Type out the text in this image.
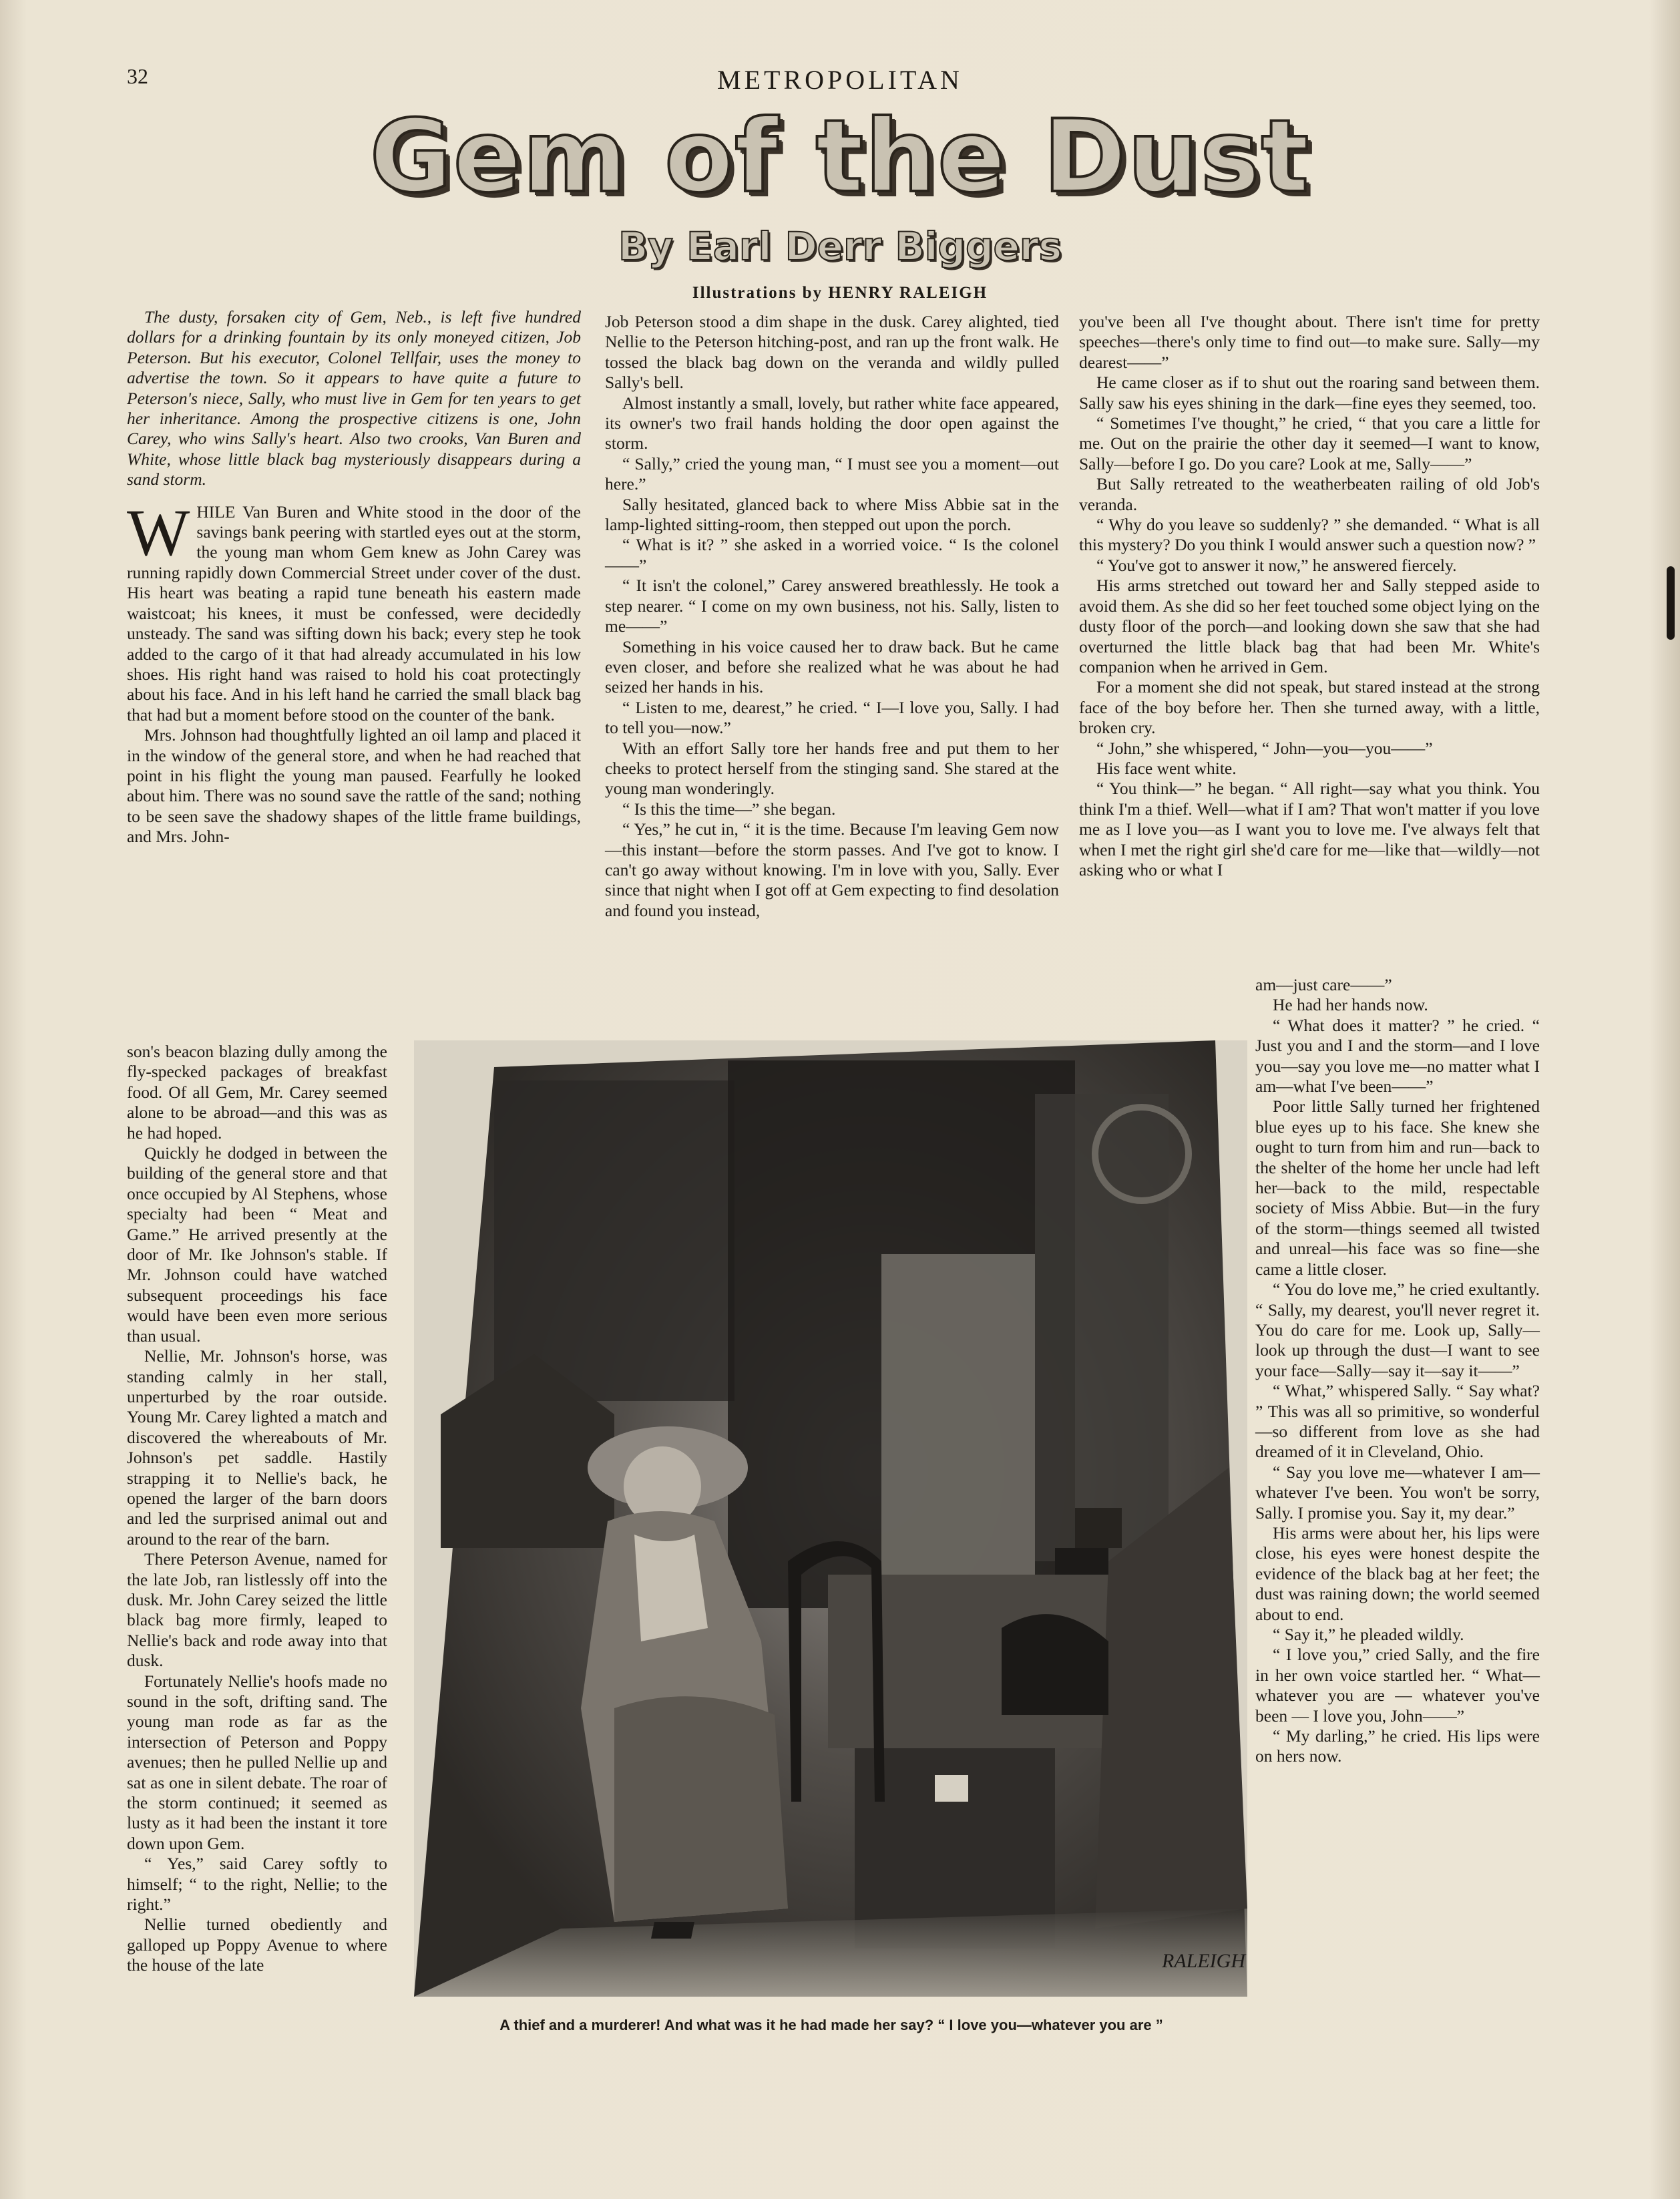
32	METROPOLITAN
Gem of the Dust
By Earl Derr Biggers
Illustrations by HENRY RALEIGH

The dusty, forsaken city of Gem, Neb., is left five hundred dollars for a drinking fountain by its only moneyed citizen, Job Peterson. But his executor, Colonel Tellfair, uses the money to advertise the town. So it appears to have quite a future to Peterson's niece, Sally, who must live in Gem for ten years to get her inheritance. Among the prospective citizens is one, John Carey, who wins Sally's heart. Also two crooks, Van Buren and White, whose little black bag mysteriously disappears during a sand storm.

WHILE Van Buren and White stood in the door of the savings bank peering with startled eyes out at the storm, the young man whom Gem knew as John Carey was running rapidly down Commercial Street under cover of the dust. His heart was beating a rapid tune beneath his eastern made waistcoat; his knees, it must be confessed, were decidedly unsteady. The sand was sifting down his back; every step he took added to the cargo of it that had already accumulated in his low shoes. His right hand was raised to hold his coat protectingly about his face. And in his left hand he carried the small black bag that had but a moment before stood on the counter of the bank.

Mrs. Johnson had thoughtfully lighted an oil lamp and placed it in the window of the general store, and when he had reached that point in his flight the young man paused. Fearfully he looked about him. There was no sound save the rattle of the sand; nothing to be seen save the shadowy shapes of the little frame buildings, and Mrs. John-

son's beacon blazing dully among the fly-specked packages of breakfast food. Of all Gem, Mr. Carey seemed alone to be abroad—and this was as he had hoped.

Quickly he dodged in between the building of the general store and that once occupied by Al Stephens, whose specialty had been “ Meat and Game.” He arrived presently at the door of Mr. Ike Johnson's stable. If Mr. Johnson could have watched subsequent proceedings his face would have been even more serious than usual.

Nellie, Mr. Johnson's horse, was standing calmly in her stall, unperturbed by the roar outside. Young Mr. Carey lighted a match and discovered the whereabouts of Mr. Johnson's pet saddle. Hastily strapping it to Nellie's back, he opened the larger of the barn doors and led the surprised animal out and around to the rear of the barn.

There Peterson Avenue, named for the late Job, ran listlessly off into the dusk. Mr. John Carey seized the little black bag more firmly, leaped to Nellie's back and rode away into that dusk.

Fortunately Nellie's hoofs made no sound in the soft, drifting sand. The young man rode as far as the intersection of Peterson and Poppy avenues; then he pulled Nellie up and sat as one in silent debate. The roar of the storm continued; it seemed as lusty as it had been the instant it tore down upon Gem.

“ Yes,” said Carey softly to himself; “ to the right, Nellie; to the right.”

Nellie turned obediently and galloped up Poppy Avenue to where the house of the late

Job Peterson stood a dim shape in the dusk. Carey alighted, tied Nellie to the Peterson hitching-post, and ran up the front walk. He tossed the black bag down on the veranda and wildly pulled Sally's bell.

Almost instantly a small, lovely, but rather white face appeared, its owner's two frail hands holding the door open against the storm.

“ Sally,” cried the young man, “ I must see you a moment—out here.”

Sally hesitated, glanced back to where Miss Abbie sat in the lamp-lighted sitting-room, then stepped out upon the porch.

“ What is it? ” she asked in a worried voice. “ Is the colonel——”

“ It isn't the colonel,” Carey answered breathlessly. He took a step nearer. “ I come on my own business, not his. Sally, listen to me——”

Something in his voice caused her to draw back. But he came even closer, and before she realized what he was about he had seized her hands in his.

“ Listen to me, dearest,” he cried. “ I—I love you, Sally. I had to tell you—now.”

With an effort Sally tore her hands free and put them to her cheeks to protect herself from the stinging sand. She stared at the young man wonderingly.

“ Is this the time—” she began.

“ Yes,” he cut in, “ it is the time. Because I'm leaving Gem now—this instant—before the storm passes. And I've got to know. I can't go away without knowing. I'm in love with you, Sally. Ever since that night when I got off at Gem expecting to find desolation and found you instead,

you've been all I've thought about. There isn't time for pretty speeches—there's only time to find out—to make sure. Sally—my dearest——”

He came closer as if to shut out the roaring sand between them. Sally saw his eyes shining in the dark—fine eyes they seemed, too.

“ Sometimes I've thought,” he cried, “ that you care a little for me. Out on the prairie the other day it seemed—I want to know, Sally—before I go. Do you care? Look at me, Sally——”

But Sally retreated to the weatherbeaten railing of old Job's veranda.

“ Why do you leave so suddenly? ” she demanded. “ What is all this mystery? Do you think I would answer such a question now? ”

“ You've got to answer it now,” he answered fiercely.

His arms stretched out toward her and Sally stepped aside to avoid them. As she did so her feet touched some object lying on the dusty floor of the porch—and looking down she saw that she had overturned the little black bag that had been Mr. White's companion when he arrived in Gem.

For a moment she did not speak, but stared instead at the strong face of the boy before her. Then she turned away, with a little, broken cry.

“ John,” she whispered, “ John—you—you——”

His face went white.

“ You think—” he began. “ All right—say what you think. You think I'm a thief. Well—what if I am? That won't matter if you love me as I love you—as I want you to love me. I've always felt that when I met the right girl she'd care for me—like that—wildly—not asking who or what I

am—just care——”

He had her hands now.

“ What does it matter? ” he cried. “ Just you and I and the storm—and I love you—say you love me—no matter what I am—what I've been——”

Poor little Sally turned her frightened blue eyes up to his face. She knew she ought to turn from him and run—back to the shelter of the home her uncle had left her—back to the mild, respectable society of Miss Abbie. But—in the fury of the storm—things seemed all twisted and unreal—his face was so fine—she came a little closer.

“ You do love me,” he cried exultantly. “ Sally, my dearest, you'll never regret it. You do care for me. Look up, Sally—look up through the dust—I want to see your face—Sally—say it—say it——”

“ What,” whispered Sally. “ Say what? ” This was all so primitive, so wonderful—so different from love as she had dreamed of it in Cleveland, Ohio.

“ Say you love me—whatever I am—whatever I've been. You won't be sorry, Sally. I promise you. Say it, my dear.”

His arms were about her, his lips were close, his eyes were honest despite the evidence of the black bag at her feet; the dust was raining down; the world seemed about to end.

“ Say it,” he pleaded wildly.

“ I love you,” cried Sally, and the fire in her own voice startled her. “ What—whatever you are — whatever you've been — I love you, John——”

“ My darling,” he cried. His lips were on hers now.

RALEIGH
A thief and a murderer! And what was it he had made her say? “ I love you—whatever you are ”
